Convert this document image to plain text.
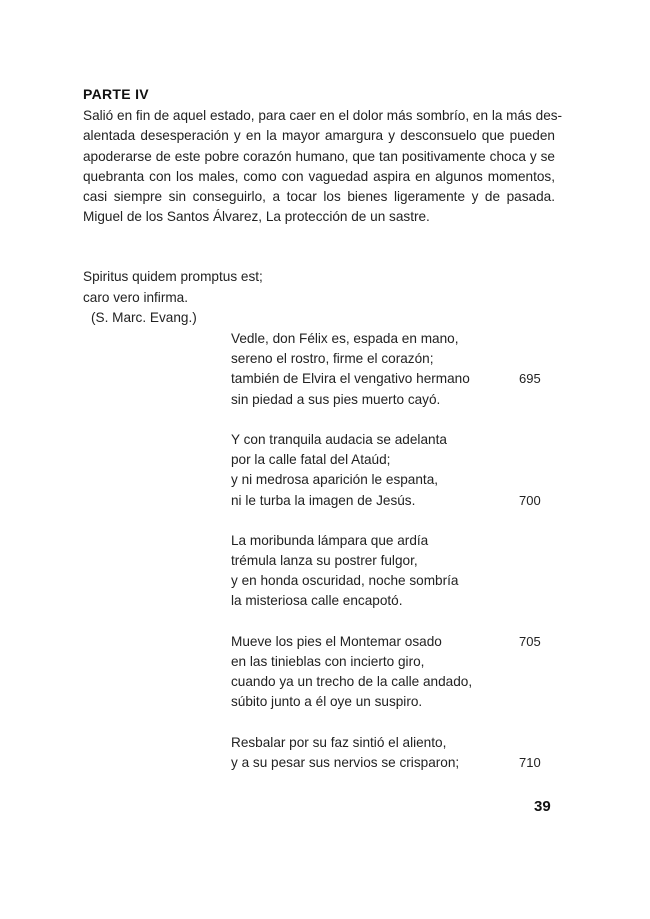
PARTE IV
Salió en fin de aquel estado, para caer en el dolor más sombrío, en la más des-
alentada desesperación y en la mayor amargura y desconsuelo que pueden
apoderarse de este pobre corazón humano, que tan positivamente choca y se
quebranta con los males, como con vaguedad aspira en algunos momentos,
casi siempre sin conseguirlo, a tocar los bienes ligeramente y de pasada.
Miguel de los Santos Álvarez, La protección de un sastre.
Spiritus quidem promptus est;
caro vero infirma.
(S. Marc. Evang.)
Vedle, don Félix es, espada en mano,
sereno el rostro, firme el corazón;
también de Elvira el vengativo hermano	695
sin piedad a sus pies muerto cayó.
Y con tranquila audacia se adelanta
por la calle fatal del Ataúd;
y ni medrosa aparición le espanta,
ni le turba la imagen de Jesús.	700
La moribunda lámpara que ardía
trémula lanza su postrer fulgor,
y en honda oscuridad, noche sombría
la misteriosa calle encapotó.
Mueve los pies el Montemar osado	705
en las tinieblas con incierto giro,
cuando ya un trecho de la calle andado,
súbito junto a él oye un suspiro.
Resbalar por su faz sintió el aliento,
y a su pesar sus nervios se crisparon;	710
39
